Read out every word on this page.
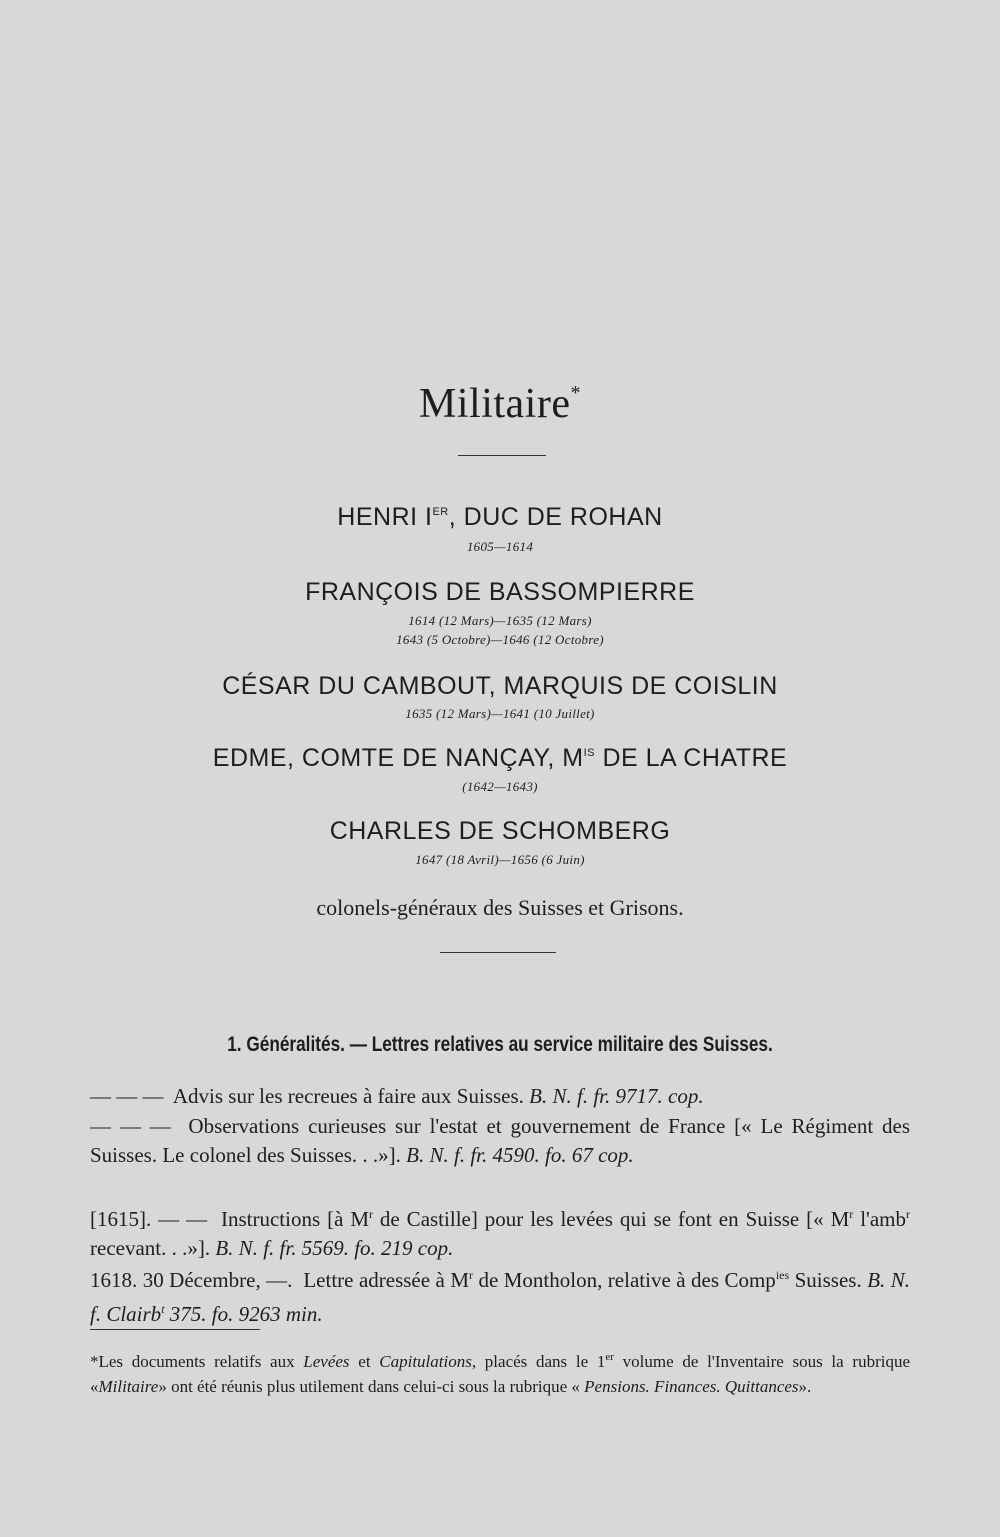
Militaire*
HENRI IER, DUC DE ROHAN
1605—1614
FRANÇOIS DE BASSOMPIERRE
1614 (12 Mars)—1635 (12 Mars)
1643 (5 Octobre)—1646 (12 Octobre)
CÉSAR DU CAMBOUT, MARQUIS DE COISLIN
1635 (12 Mars)—1641 (10 Juillet)
EDME, COMTE DE NANÇAY, $M^{IS}$ DE LA CHATRE
(1642—1643)
CHARLES DE SCHOMBERG
1647 (18 Avril)—1656 (6 Juin)
colonels-généraux des Suisses et Grisons.
1. Généralités. — Lettres relatives au service militaire des Suisses.
— — — Advis sur les recreues à faire aux Suisses. B. N. f. fr. 9717. cop.
— — — Observations curieuses sur l'estat et gouvernement de France [« Le Régiment des Suisses. Le colonel des Suisses. . .»]. B. N. f. fr. 4590. fo. 67 cop.
[1615]. — — Instructions [à $M^r$ de Castille] pour les levées qui se font en Suisse [« $M^r$ l'amb$^r$ recevant. . .»]. B. N. f. fr. 5569. fo. 219 cop.
1618. 30 Décembre, —. Lettre adressée à $M^r$ de Montholon, relative à des Comp$^{ies}$ Suisses. B. N. f. Clairb$^t$ 375. fo. 9263 min.
*Les documents relatifs aux Levées et Capitulations, placés dans le 1er volume de l'Inventaire sous la rubrique «Militaire» ont été réunis plus utilement dans celui-ci sous la rubrique « Pensions. Finances. Quittances».
